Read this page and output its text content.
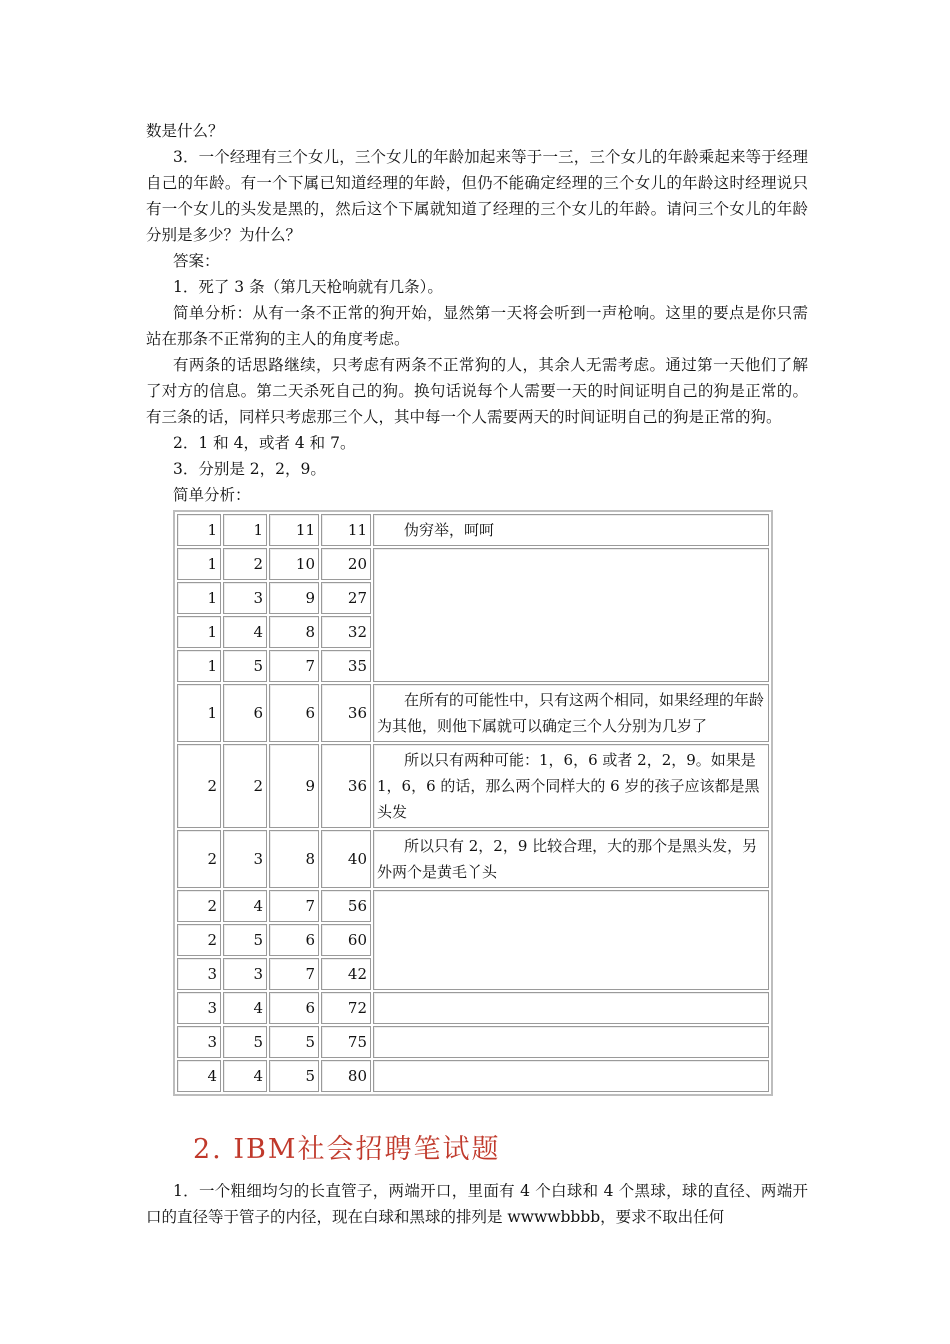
数是什么？

3．一个经理有三个女儿，三个女儿的年龄加起来等于一三，三个女儿的年龄乘起来等于经理自己的年龄。有一个下属已知道经理的年龄，但仍不能确定经理的三个女儿的年龄这时经理说只有一个女儿的头发是黑的，然后这个下属就知道了经理的三个女儿的年龄。请问三个女儿的年龄分别是多少？为什么？

答案：

1．死了 3 条（第几天枪响就有几条）。

简单分析：从有一条不正常的狗开始，显然第一天将会听到一声枪响。这里的要点是你只需站在那条不正常狗的主人的角度考虑。

有两条的话思路继续，只考虑有两条不正常狗的人，其余人无需考虑。通过第一天他们了解了对方的信息。第二天杀死自己的狗。换句话说每个人需要一天的时间证明自己的狗是正常的。有三条的话，同样只考虑那三个人，其中每一个人需要两天的时间证明自己的狗是正常的狗。

2．1 和 4，或者 4 和 7。

3．分别是 2，2，9。

简单分析：

1	1	11	11	伪穷举，呵呵

1	2	10	20	
1	3	9	27	
1	4	8	32	
1	5	7	35	
1	6	6	36	在所有的可能性中，只有这两个相同，如果经理的年龄为其他，则他下属就可以确定三个人分别为几岁了

2	2	9	36	所以只有两种可能：1，6，6 或者 2，2，9。如果是 1，6，6 的话，那么两个同样大的 6 岁的孩子应该都是黑头发

2	3	8	40	所以只有 2，2，9 比较合理，大的那个是黑头发，另外两个是黄毛丫头

2	4	7	56	
2	5	6	60	
3	3	7	42	
3	4	6	72	
3	5	5	75	
4	4	5	80	
2. IBM社会招聘笔试题

1．一个粗细均匀的长直管子，两端开口，里面有 4 个白球和 4 个黑球，球的直径、两端开口的直径等于管子的内径，现在白球和黑球的排列是 wwwwbbbb，要求不取出任何
